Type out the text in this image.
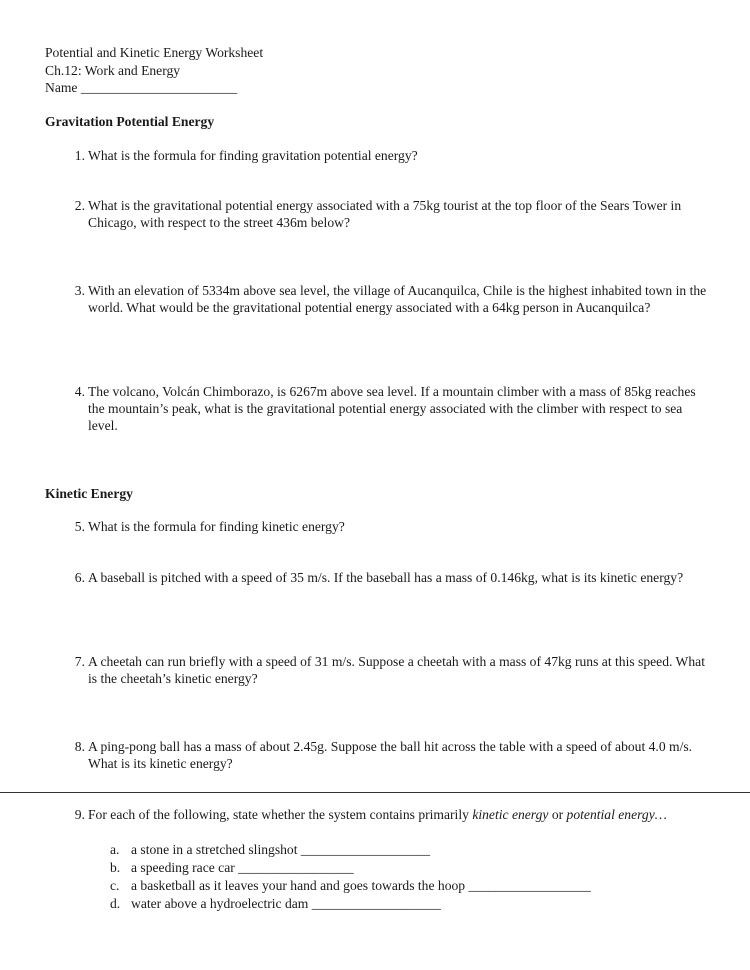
Potential and Kinetic Energy Worksheet
Ch.12: Work and Energy
Name _______________________
Gravitation Potential Energy
1. What is the formula for finding gravitation potential energy?
2. What is the gravitational potential energy associated with a 75kg tourist at the top floor of the Sears Tower in Chicago, with respect to the street 436m below?
3. With an elevation of 5334m above sea level, the village of Aucanquilca, Chile is the highest inhabited town in the world. What would be the gravitational potential energy associated with a 64kg person in Aucanquilca?
4. The volcano, Volcán Chimborazo, is 6267m above sea level. If a mountain climber with a mass of 85kg reaches the mountain’s peak, what is the gravitational potential energy associated with the climber with respect to sea level.
Kinetic Energy
5. What is the formula for finding kinetic energy?
6. A baseball is pitched with a speed of 35 m/s. If the baseball has a mass of 0.146kg, what is its kinetic energy?
7. A cheetah can run briefly with a speed of 31 m/s. Suppose a cheetah with a mass of 47kg runs at this speed. What is the cheetah’s kinetic energy?
8. A ping-pong ball has a mass of about 2.45g. Suppose the ball hit across the table with a speed of about 4.0 m/s. What is its kinetic energy?
9. For each of the following, state whether the system contains primarily kinetic energy or potential energy…
a. a stone in a stretched slingshot ___________________
b. a speeding race car _________________
c. a basketball as it leaves your hand and goes towards the hoop __________________
d. water above a hydroelectric dam ___________________
